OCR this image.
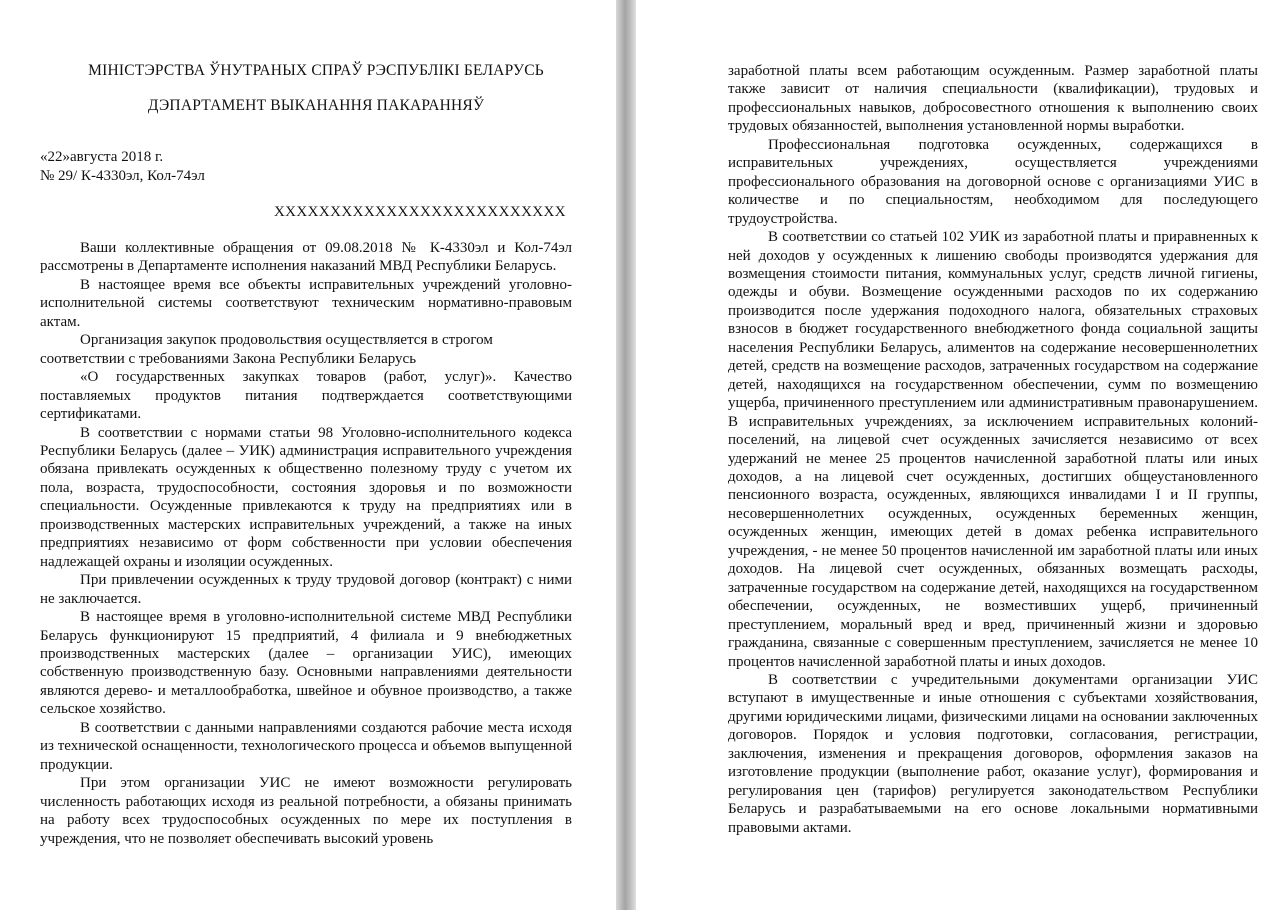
МІНІСТЭРСТВА ЎНУТРАНЫХ СПРАЎ РЭСПУБЛІКІ БЕЛАРУСЬ

ДЭПАРТАМЕНТ ВЫКАНАННЯ ПАКАРАННЯЎ

«22»августа 2018 г.
№ 29/ К-4330эл, Кол-74эл
ХХХХХХХХХХХХХХХХХХХХХХХХХХ

Ваши коллективные обращения от 09.08.2018 № К-4330эл и Кол-74эл рассмотрены в Департаменте исполнения наказаний МВД Республики Беларусь.

В настоящее время все объекты исправительных учреждений уголовно-исполнительной системы соответствуют техническим нормативно-правовым актам.

Организация закупок продовольствия осуществляется в строгом соответствии с требованиями Закона Республики Беларусь

«О государственных закупках товаров (работ, услуг)». Качество поставляемых продуктов питания подтверждается соответствующими сертификатами.

В соответствии с нормами статьи 98 Уголовно-исполнительного кодекса Республики Беларусь (далее – УИК) администрация исправительного учреждения обязана привлекать осужденных к общественно полезному труду с учетом их пола, возраста, трудоспособности, состояния здоровья и по возможности специальности. Осужденные привлекаются к труду на предприятиях или в производственных мастерских исправительных учреждений, а также на иных предприятиях независимо от форм собственности при условии обеспечения надлежащей охраны и изоляции осужденных.

При привлечении осужденных к труду трудовой договор (контракт) с ними не заключается.

В настоящее время в уголовно-исполнительной системе МВД Республики Беларусь функционируют 15 предприятий, 4 филиала и 9 внебюджетных производственных мастерских (далее – организации УИС), имеющих собственную производственную базу. Основными направлениями деятельности являются дерево- и металлообработка, швейное и обувное производство, а также сельское хозяйство.

В соответствии с данными направлениями создаются рабочие места исходя из технической оснащенности, технологического процесса и объемов выпущенной продукции.

При этом организации УИС не имеют возможности регулировать численность работающих исходя из реальной потребности, а обязаны принимать на работу всех трудоспособных осужденных по мере их поступления в учреждения, что не позволяет обеспечивать высокий уровень

заработной платы всем работающим осужденным. Размер заработной платы также зависит от наличия специальности (квалификации), трудовых и профессиональных навыков, добросовестного отношения к выполнению своих трудовых обязанностей, выполнения установленной нормы выработки.

Профессиональная подготовка осужденных, содержащихся в исправительных учреждениях, осуществляется учреждениями профессионального образования на договорной основе с организациями УИС в количестве и по специальностям, необходимом для последующего трудоустройства.

В соответствии со статьей 102 УИК из заработной платы и приравненных к ней доходов у осужденных к лишению свободы производятся удержания для возмещения стоимости питания, коммунальных услуг, средств личной гигиены, одежды и обуви. Возмещение осужденными расходов по их содержанию производится после удержания подоходного налога, обязательных страховых взносов в бюджет государственного внебюджетного фонда социальной защиты населения Республики Беларусь, алиментов на содержание несовершеннолетних детей, средств на возмещение расходов, затраченных государством на содержание детей, находящихся на государственном обеспечении, сумм по возмещению ущерба, причиненного преступлением или административным правонарушением. В исправительных учреждениях, за исключением исправительных колоний-поселений, на лицевой счет осужденных зачисляется независимо от всех удержаний не менее 25 процентов начисленной заработной платы или иных доходов, а на лицевой счет осужденных, достигших общеустановленного пенсионного возраста, осужденных, являющихся инвалидами I и II группы, несовершеннолетних осужденных, осужденных беременных женщин, осужденных женщин, имеющих детей в домах ребенка исправительного учреждения, - не менее 50 процентов начисленной им заработной платы или иных доходов. На лицевой счет осужденных, обязанных возмещать расходы, затраченные государством на содержание детей, находящихся на государственном обеспечении, осужденных, не возместивших ущерб, причиненный преступлением, моральный вред и вред, причиненный жизни и здоровью гражданина, связанные с совершенным преступлением, зачисляется не менее 10 процентов начисленной заработной платы и иных доходов.

В соответствии с учредительными документами организации УИС вступают в имущественные и иные отношения с субъектами хозяйствования, другими юридическими лицами, физическими лицами на основании заключенных договоров. Порядок и условия подготовки, согласования, регистрации, заключения, изменения и прекращения договоров, оформления заказов на изготовление продукции (выполнение работ, оказание услуг), формирования и регулирования цен (тарифов) регулируется законодательством Республики Беларусь и разрабатываемыми на его основе локальными нормативными правовыми актами.
